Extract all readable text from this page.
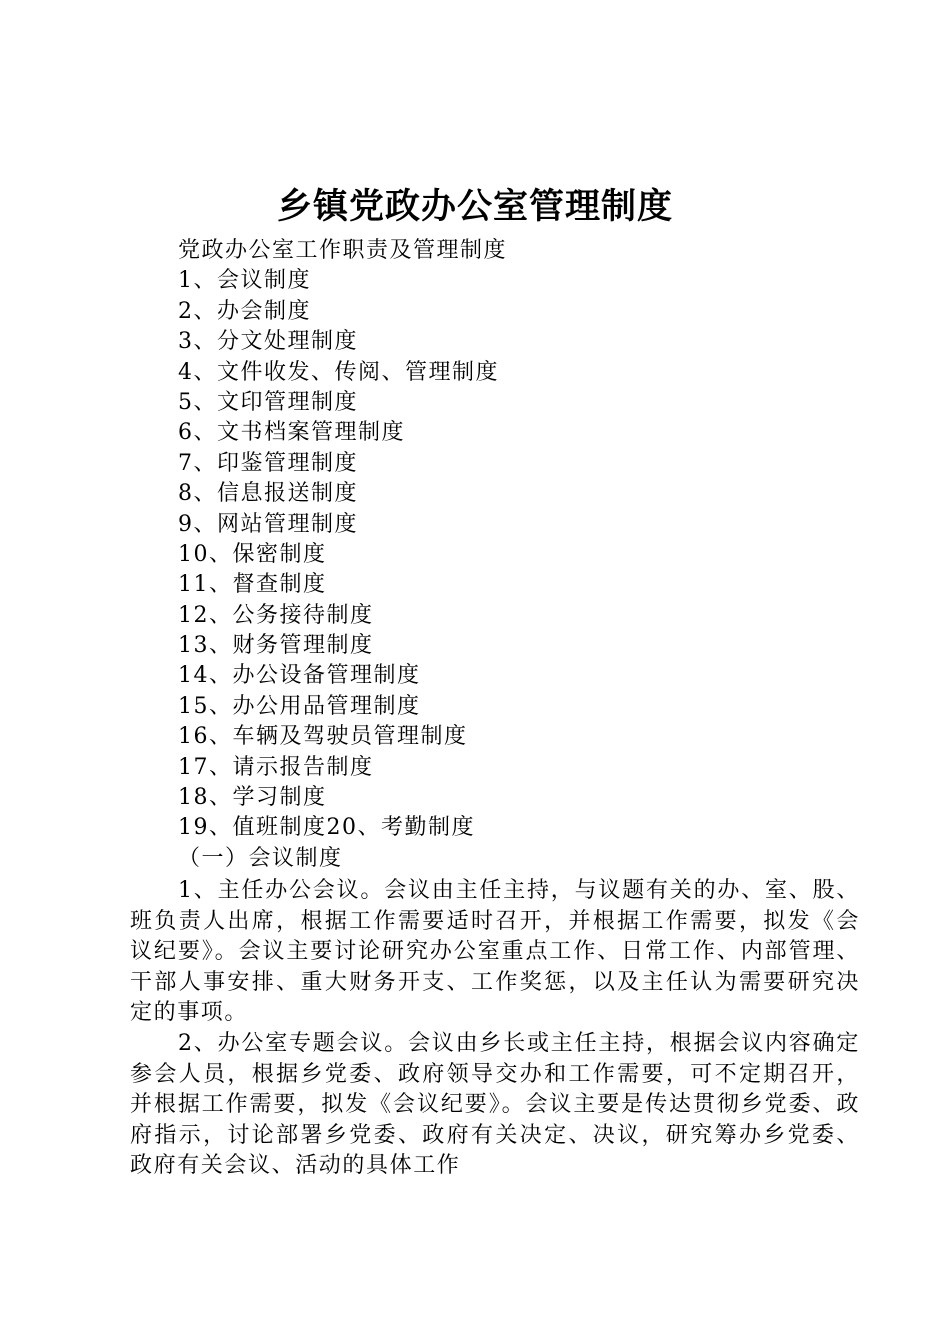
乡镇党政办公室管理制度
党政办公室工作职责及管理制度
1、会议制度
2、办会制度
3、分文处理制度
4、文件收发、传阅、管理制度
5、文印管理制度
6、文书档案管理制度
7、印鉴管理制度
8、信息报送制度
9、网站管理制度
10、保密制度
11、督查制度
12、公务接待制度
13、财务管理制度
14、办公设备管理制度
15、办公用品管理制度
16、车辆及驾驶员管理制度
17、请示报告制度
18、学习制度
19、值班制度20、考勤制度
（一）会议制度

1、主任办公会议。会议由主任主持，与议题有关的办、室、股、班负责人出席，根据工作需要适时召开，并根据工作需要，拟发《会议纪要》。会议主要讨论研究办公室重点工作、日常工作、内部管理、干部人事安排、重大财务开支、工作奖惩，以及主任认为需要研究决定的事项。

2、办公室专题会议。会议由乡长或主任主持，根据会议内容确定参会人员，根据乡党委、政府领导交办和工作需要，可不定期召开，并根据工作需要，拟发《会议纪要》。会议主要是传达贯彻乡党委、政府指示，讨论部署乡党委、政府有关决定、决议，研究筹办乡党委、政府有关会议、活动的具体工作
